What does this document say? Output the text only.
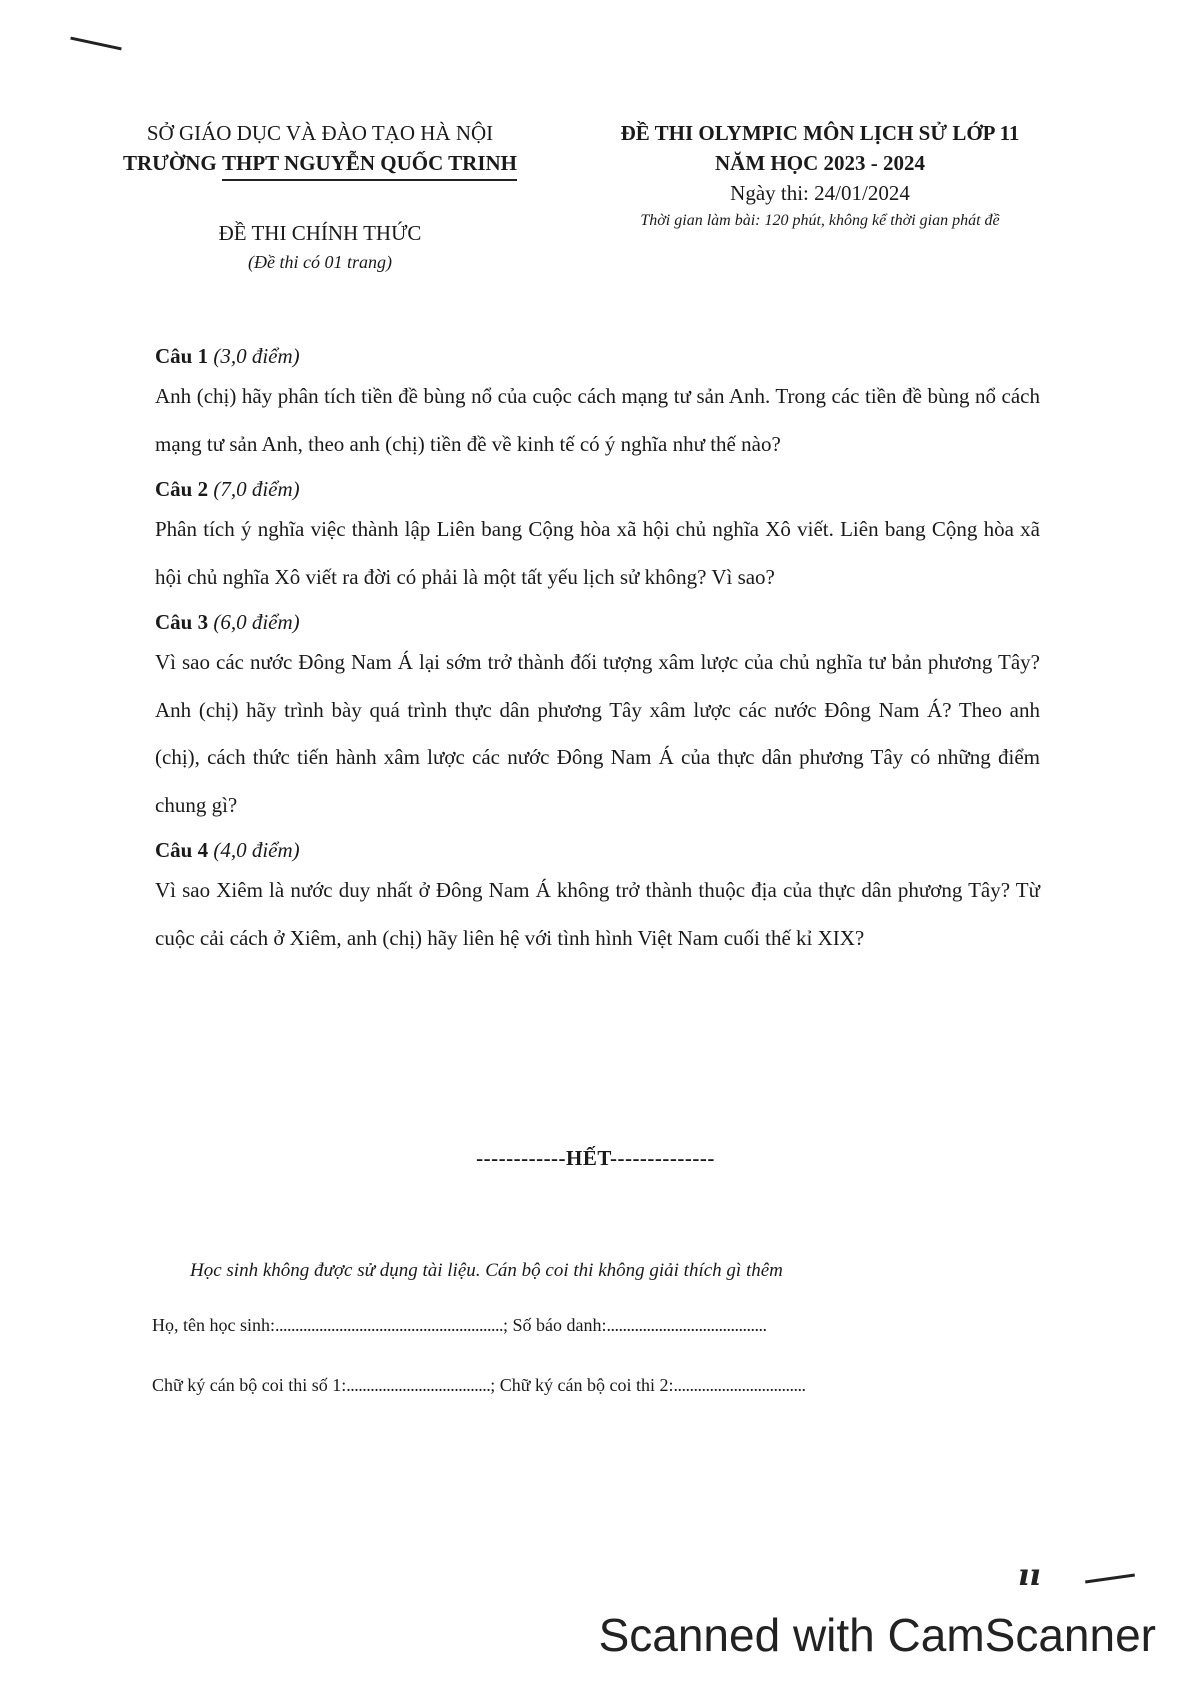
SỞ GIÁO DỤC VÀ ĐÀO TẠO HÀ NỘI
TRƯỜNG THPT NGUYỄN QUỐC TRINH
ĐỀ THI OLYMPIC MÔN LỊCH SỬ LỚP 11
NĂM HỌC 2023 - 2024
Ngày thi: 24/01/2024
Thời gian làm bài: 120 phút, không kể thời gian phát đề
ĐỀ THI CHÍNH THỨC
(Đề thi có 01 trang)
Câu 1 (3,0 điểm)
Anh (chị) hãy phân tích tiền đề bùng nổ của cuộc cách mạng tư sản Anh. Trong các tiền đề bùng nổ cách mạng tư sản Anh, theo anh (chị) tiền đề về kinh tế có ý nghĩa như thế nào?
Câu 2 (7,0 điểm)
Phân tích ý nghĩa việc thành lập Liên bang Cộng hòa xã hội chủ nghĩa Xô viết. Liên bang Cộng hòa xã hội chủ nghĩa Xô viết ra đời có phải là một tất yếu lịch sử không? Vì sao?
Câu 3 (6,0 điểm)
Vì sao các nước Đông Nam Á lại sớm trở thành đối tượng xâm lược của chủ nghĩa tư bản phương Tây? Anh (chị) hãy trình bày quá trình thực dân phương Tây xâm lược các nước Đông Nam Á? Theo anh (chị), cách thức tiến hành xâm lược các nước Đông Nam Á của thực dân phương Tây có những điểm chung gì?
Câu 4 (4,0 điểm)
Vì sao Xiêm là nước duy nhất ở Đông Nam Á không trở thành thuộc địa của thực dân phương Tây? Từ cuộc cải cách ở Xiêm, anh (chị) hãy liên hệ với tình hình Việt Nam cuối thế kỉ XIX?
------------HẾT--------------
Học sinh không được sử dụng tài liệu. Cán bộ coi thi không giải thích gì thêm
Họ, tên học sinh:.........................................................; Số báo danh:........................................
Chữ ký cán bộ coi thi số 1:....................................; Chữ ký cán bộ coi thi 2:.................................
ıı
Scanned with CamScanner
